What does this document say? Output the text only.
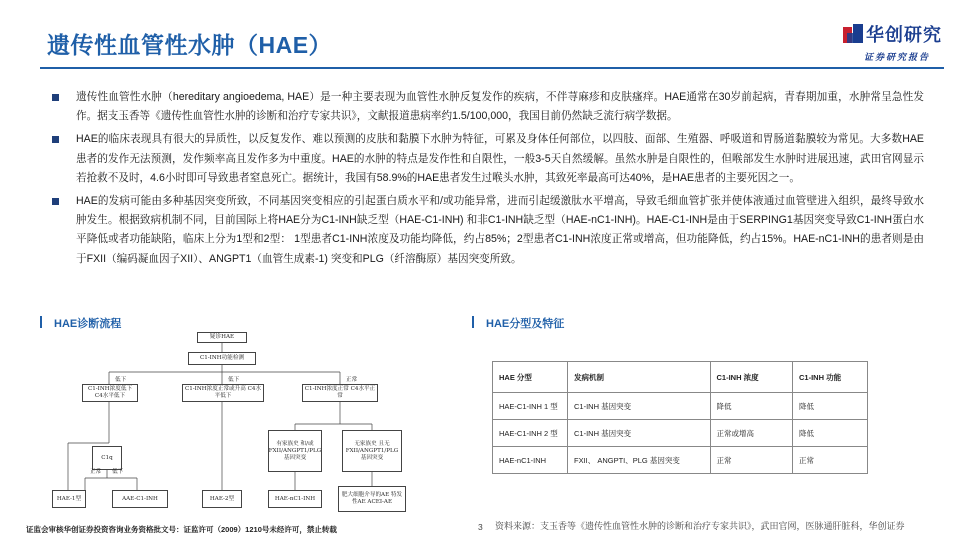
遗传性血管性水肿（HAE）	华创研究
证券研究报告
遗传性血管性水肿（hereditary angioedema, HAE）是一种主要表现为血管性水肿反复发作的疾病，不伴荨麻疹和皮肤瘙痒。HAE通常在30岁前起病，青春期加重，水肿常呈急性发作。据支玉香等《遗传性血管性水肿的诊断和治疗专家共识》，文献报道患病率约1.5/100,000，我国目前仍然缺乏流行病学数据。
HAE的临床表现具有很大的异质性，以反复发作、难以预测的皮肤和黏膜下水肿为特征，可累及身体任何部位，以四肢、面部、生殖器、呼吸道和胃肠道黏膜较为常见。大多数HAE患者的发作无法预测，发作频率高且发作多为中重度。HAE的水肿的特点是发作性和自限性，一般3-5天自然缓解。虽然水肿是自限性的，但喉部发生水肿时进展迅速，武田官网显示若抢救不及时，4.6小时即可导致患者窒息死亡。据统计，我国有58.9%的HAE患者发生过喉头水肿，其致死率最高可达40%，是HAE患者的主要死因之一。
HAE的发病可能由多种基因突变所致，不同基因突变相应的引起蛋白质水平和/或功能异常，进而引起缓激肽水平增高，导致毛细血管扩张并使体液通过血管壁进入组织，最终导致水肿发生。根据致病机制不同，目前国际上将HAE分为C1-INH缺乏型（HAE-C1-INH) 和非C1-INH缺乏型（HAE-nC1-INH)。HAE-C1-INH是由于SERPING1基因突变导致C1-INH蛋白水平降低或者功能缺陷，临床上分为1型和2型： 1型患者C1-INH浓度及功能均降低，约占85%；2型患者C1-INH浓度正常或增高，但功能降低，约占15%。HAE-nC1-INH的患者则是由于FXII（编码凝血因子XII）、ANGPT1（血管生成素-1) 突变和PLG（纤溶酶原）基因突变所致。
HAE诊断流程	HAE分型及特征
疑诊HAE
C1-INH功能检测
低下	低下	正常
C1-INH浓度低下 C4水平低下
C1-INH浓度正常或升高 C4水平低下
C1-INH浓度正常 C4水平正常
C1q
正常 低下
有家族史 和/或 FXII/ANGPT1/PLG 基因突变
无家族史 且无 FXII/ANGPT1/PLG 基因突变
HAE-1型	AAE-C1-INH	HAE-2型	HAE-nC1-INH
肥大细胞介导的AE 特发性AE ACEI-AE
HAE 分型	发病机制	C1-INH 浓度	C1-INH 功能
HAE-C1-INH 1 型	C1-INH 基因突变	降低	降低
HAE-C1-INH 2 型	C1-INH 基因突变	正常或增高	降低
HAE-nC1-INH	FXII、 ANGPTI、PLG 基因突变	正常	正常
证监会审核华创证券投资咨询业务资格批文号：证监许可（2009）1210号未经许可，禁止转载	3 资料来源：支玉香等《遗传性血管性水肿的诊断和治疗专家共识》，武田官网，医脉通肝脏科，华创证券
